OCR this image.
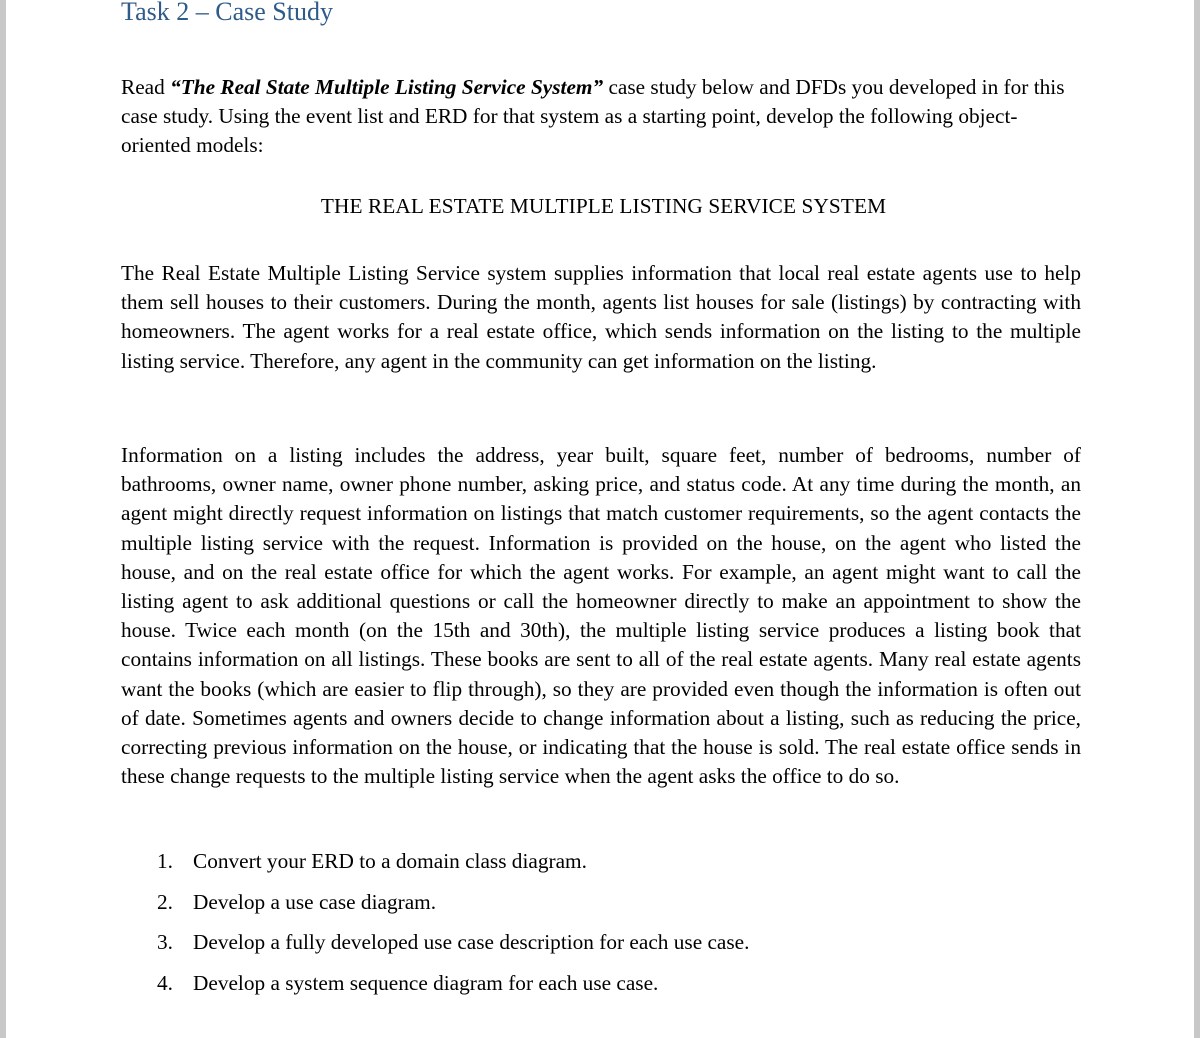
Task 2 – Case Study

Read “The Real State Multiple Listing Service System” case study below and DFDs you developed in for this case study. Using the event list and ERD for that system as a starting point, develop the following object-oriented models:

THE REAL ESTATE MULTIPLE LISTING SERVICE SYSTEM

The Real Estate Multiple Listing Service system supplies information that local real estate agents use to help them sell houses to their customers. During the month, agents list houses for sale (listings) by contracting with homeowners. The agent works for a real estate office, which sends information on the listing to the multiple listing service. Therefore, any agent in the community can get information on the listing.

Information on a listing includes the address, year built, square feet, number of bedrooms, number of bathrooms, owner name, owner phone number, asking price, and status code. At any time during the month, an agent might directly request information on listings that match customer requirements, so the agent contacts the multiple listing service with the request. Information is provided on the house, on the agent who listed the house, and on the real estate office for which the agent works. For example, an agent might want to call the listing agent to ask additional questions or call the homeowner directly to make an appointment to show the house. Twice each month (on the 15th and 30th), the multiple listing service produces a listing book that contains information on all listings. These books are sent to all of the real estate agents. Many real estate agents want the books (which are easier to flip through), so they are provided even though the information is often out of date. Sometimes agents and owners decide to change information about a listing, such as reducing the price, correcting previous information on the house, or indicating that the house is sold. The real estate office sends in these change requests to the multiple listing service when the agent asks the office to do so.

1. Convert your ERD to a domain class diagram.
2. Develop a use case diagram.
3. Develop a fully developed use case description for each use case.
4. Develop a system sequence diagram for each use case.
